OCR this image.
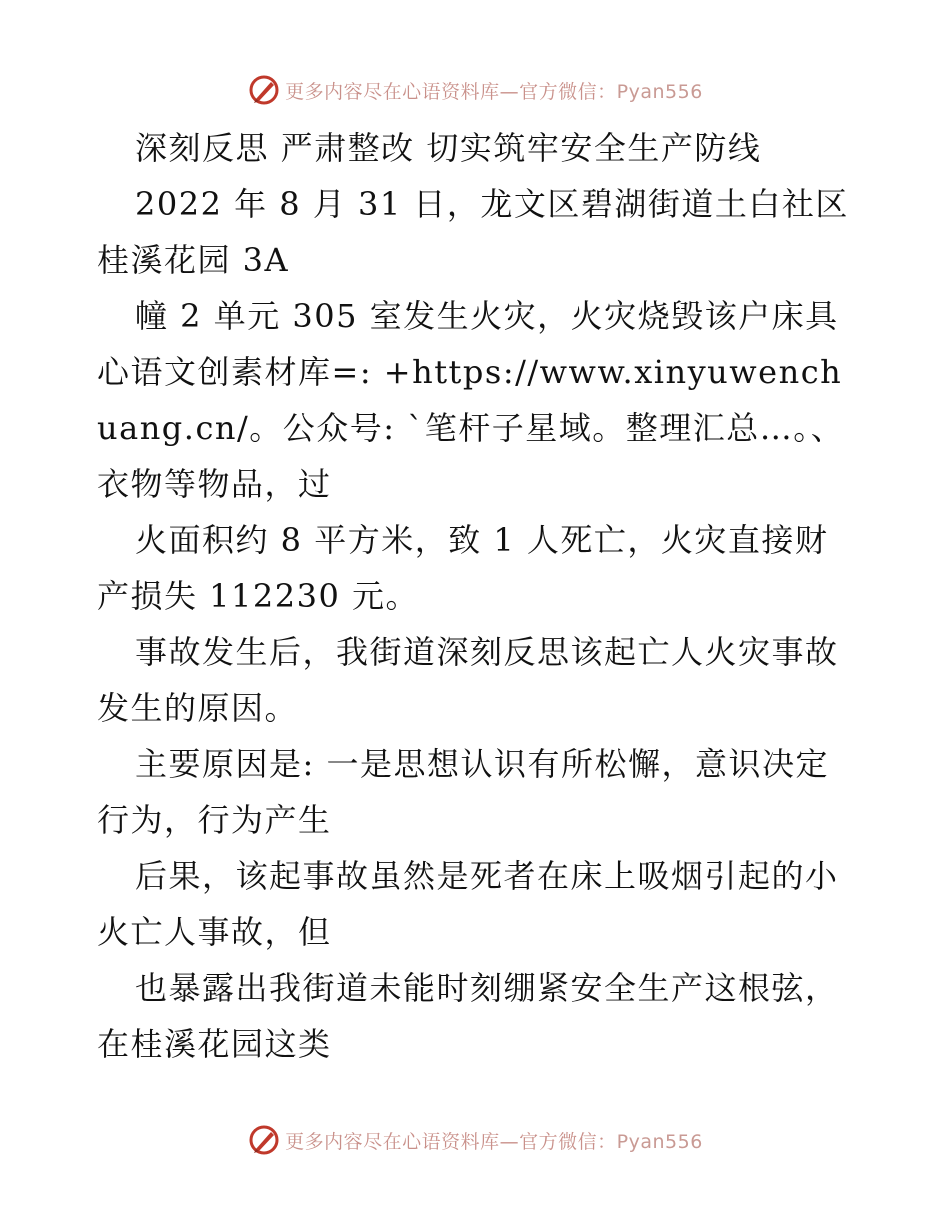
更多内容尽在心语资料库—官方微信：Pyan556

深刻反思 严肃整改 切实筑牢安全生产防线

2022 年 8 月 31 日，龙文区碧湖街道土白社区桂溪花园 3A

幢 2 单元 305 室发生火灾，火灾烧毁该户床具心语文创素材库=: +https://www.xinyuwenchuang.cn/。公众号: `笔杆子星域。整理汇总…。、衣物等物品，过

火面积约 8 平方米，致 1 人死亡，火灾直接财产损失 112230 元。

事故发生后，我街道深刻反思该起亡人火灾事故发生的原因。

主要原因是: 一是思想认识有所松懈，意识决定行为，行为产生

后果，该起事故虽然是死者在床上吸烟引起的小火亡人事故，但

也暴露出我街道未能时刻绷紧安全生产这根弦，在桂溪花园这类

更多内容尽在心语资料库—官方微信：Pyan556
